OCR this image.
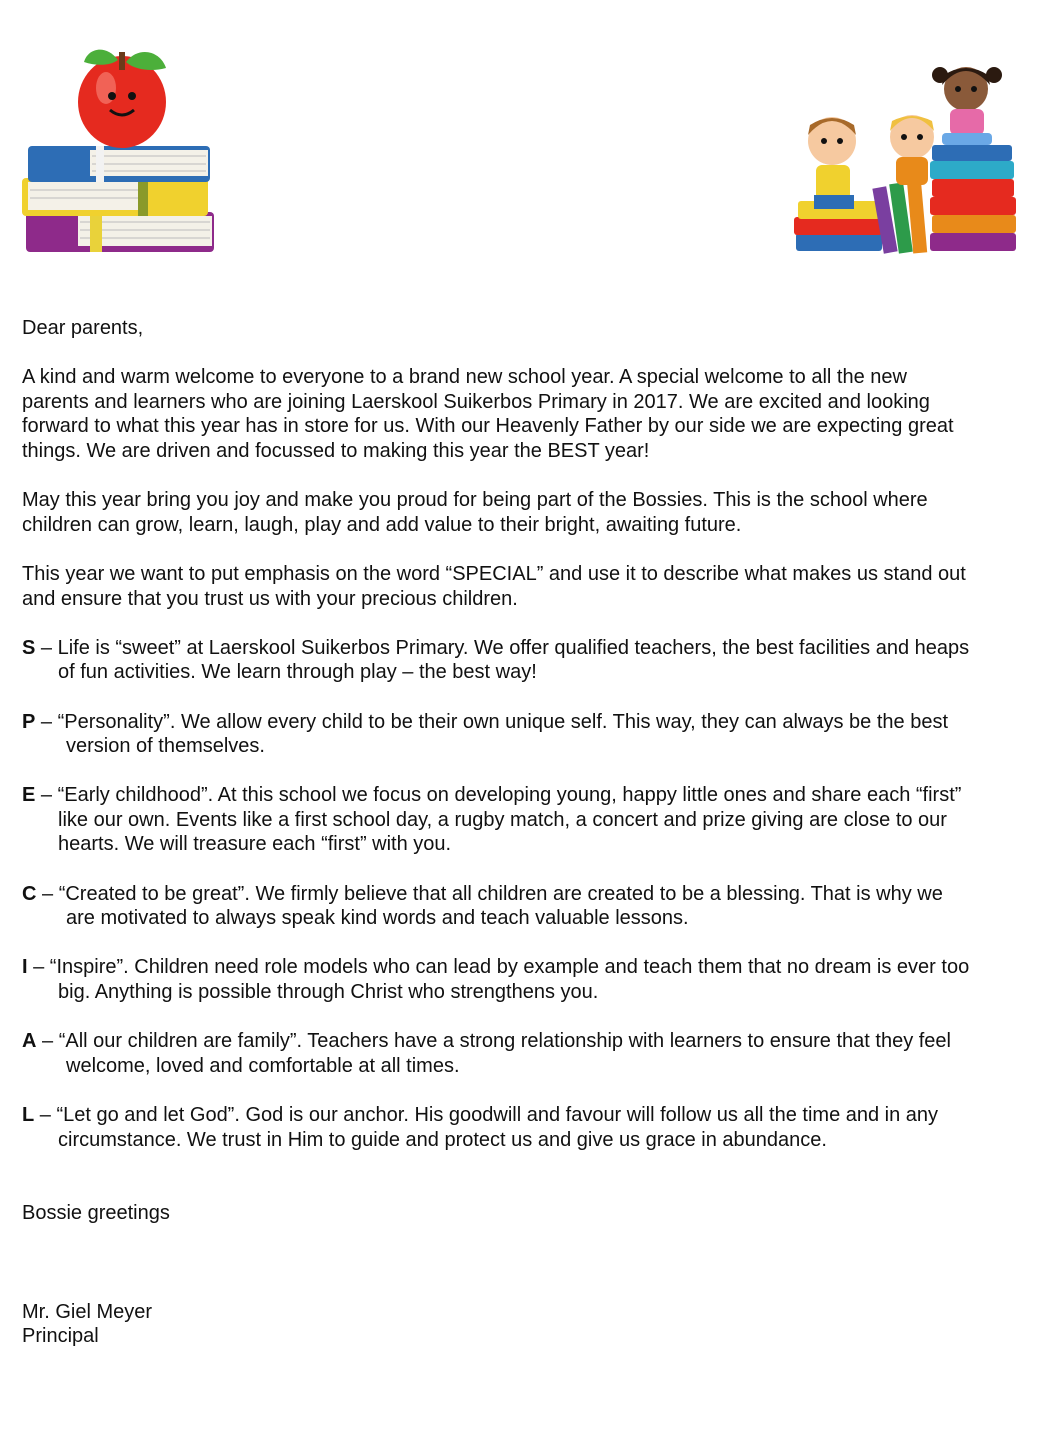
Dear parents,

A kind and warm welcome to everyone to a brand new school year. A special welcome to all the new
parents and learners who are joining Laerskool Suikerbos Primary in 2017. We are excited and looking
forward to what this year has in store for us. With our Heavenly Father by our side we are expecting great
things. We are driven and focussed to making this year the BEST year!

May this year bring you joy and make you proud for being part of the Bossies. This is the school where
children can grow, learn, laugh, play and add value to their bright, awaiting future.

This year we want to put emphasis on the word “SPECIAL” and use it to describe what makes us stand out
and ensure that you trust us with your precious children.

S – Life is “sweet” at Laerskool Suikerbos Primary. We offer qualified teachers, the best facilities and heaps
of fun activities. We learn through play – the best way!
P – “Personality”. We allow every child to be their own unique self. This way, they can always be the best
version of themselves.
E – “Early childhood”. At this school we focus on developing young, happy little ones and share each “first”
like our own. Events like a first school day, a rugby match, a concert and prize giving are close to our
hearts. We will treasure each “first” with you.
C – “Created to be great”. We firmly believe that all children are created to be a blessing. That is why we
are motivated to always speak kind words and teach valuable lessons.
I – “Inspire”. Children need role models who can lead by example and teach them that no dream is ever too
big. Anything is possible through Christ who strengthens you.
A – “All our children are family”. Teachers have a strong relationship with learners to ensure that they feel
welcome, loved and comfortable at all times.
L – “Let go and let God”. God is our anchor. His goodwill and favour will follow us all the time and in any
circumstance. We trust in Him to guide and protect us and give us grace in abundance.

Bossie greetings

Mr. Giel Meyer
Principal
